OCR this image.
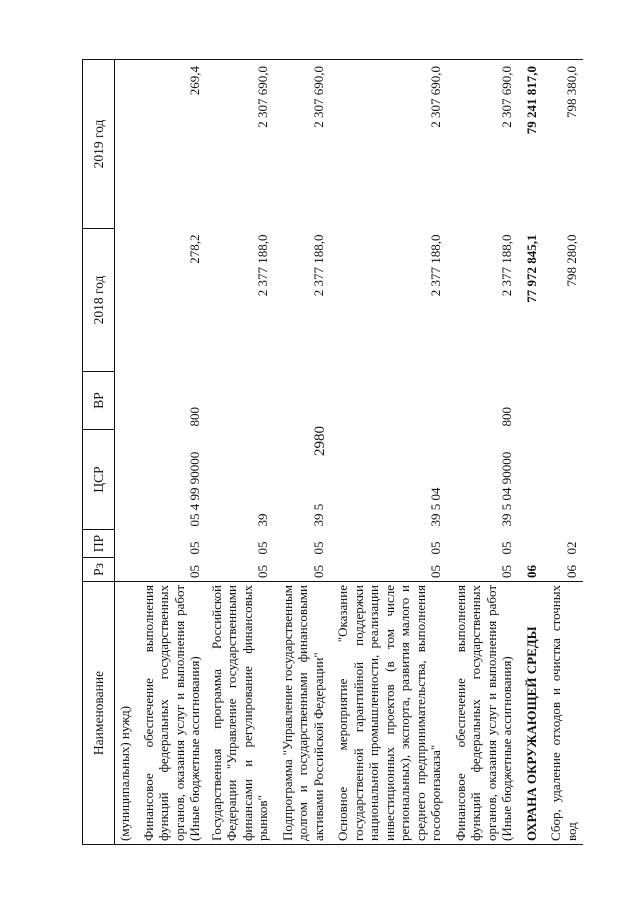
2980
Наименование	Рз	ПР	ЦСР	ВР	2018 год	2019 год
(муниципальных) нужд)						
Финансовое обеспечение выполнения функций федеральных государственных органов, оказания услуг и выполнения работ (Иные бюджетные ассигнования)	05	05	05 4 99 90000	800	278,2	269,4
Государственная программа Российской Федерации "Управление государственными финансами и регулирование финансовых рынков"	05	05	39		2 377 188,0	2 307 690,0
Подпрограмма "Управление государственным долгом и государственными финансовыми активами Российской Федерации"	05	05	39 5		2 377 188,0	2 307 690,0
Основное мероприятие "Оказание государственной гарантийной поддержки национальной промышленности, реализации инвестиционных проектов (в том числе региональных), экспорта, развития малого и среднего предпринимательства, выполнения гособоронзаказа"	05	05	39 5 04		2 377 188,0	2 307 690,0
Финансовое обеспечение выполнения функций федеральных государственных органов, оказания услуг и выполнения работ (Иные бюджетные ассигнования)	05	05	39 5 04 90000	800	2 377 188,0	2 307 690,0
ОХРАНА ОКРУЖАЮЩЕЙ СРЕДЫ	06				77 972 845,1	79 241 817,0
Сбор, удаление отходов и очистка сточных вод	06	02			798 280,0	798 380,0
